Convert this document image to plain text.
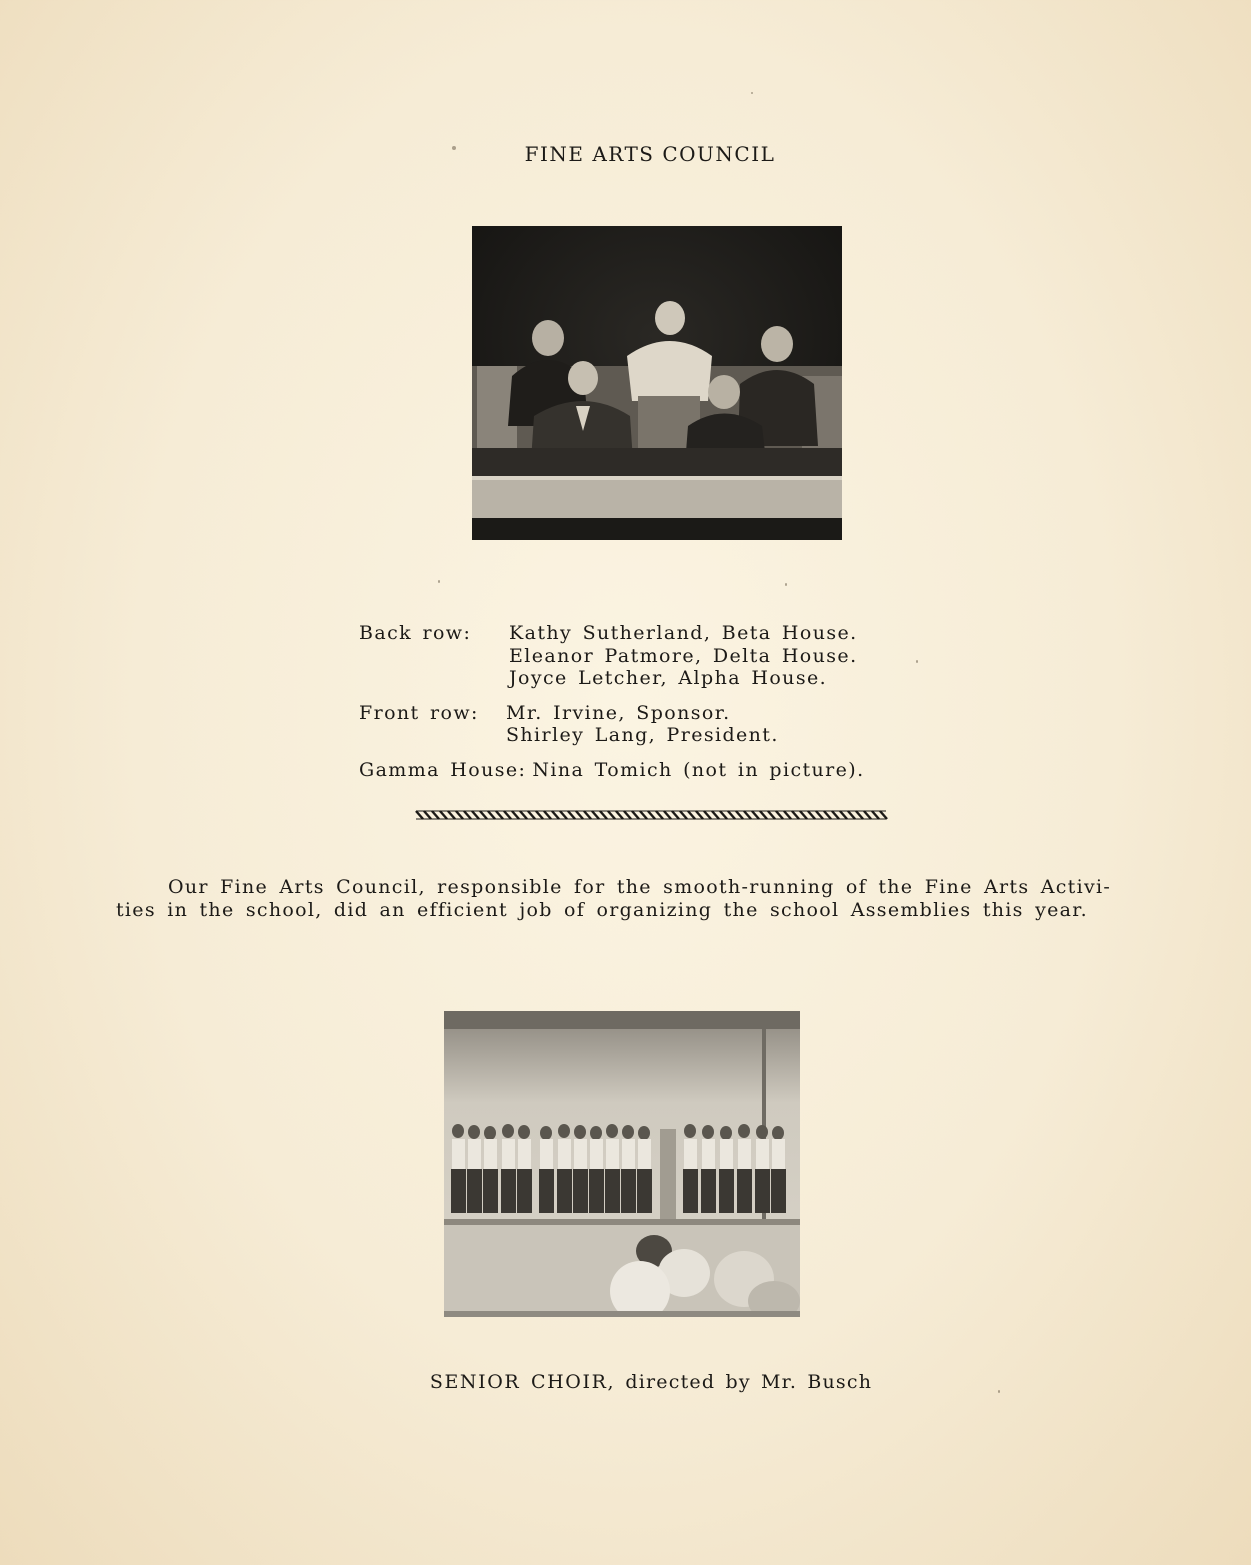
FINE ARTS COUNCIL
Back row:	Kathy Sutherland, Beta House.
Eleanor Patmore, Delta House.
Joyce Letcher, Alpha House.
Front row:	Mr. Irvine, Sponsor.
Shirley Lang, President.
Gamma House: Nina Tomich (not in picture).
Our Fine Arts Council, responsible for the smooth-running of the Fine Arts Activi-
ties in the school, did an efficient job of organizing the school Assemblies this year.
SENIOR CHOIR, directed by Mr. Busch
